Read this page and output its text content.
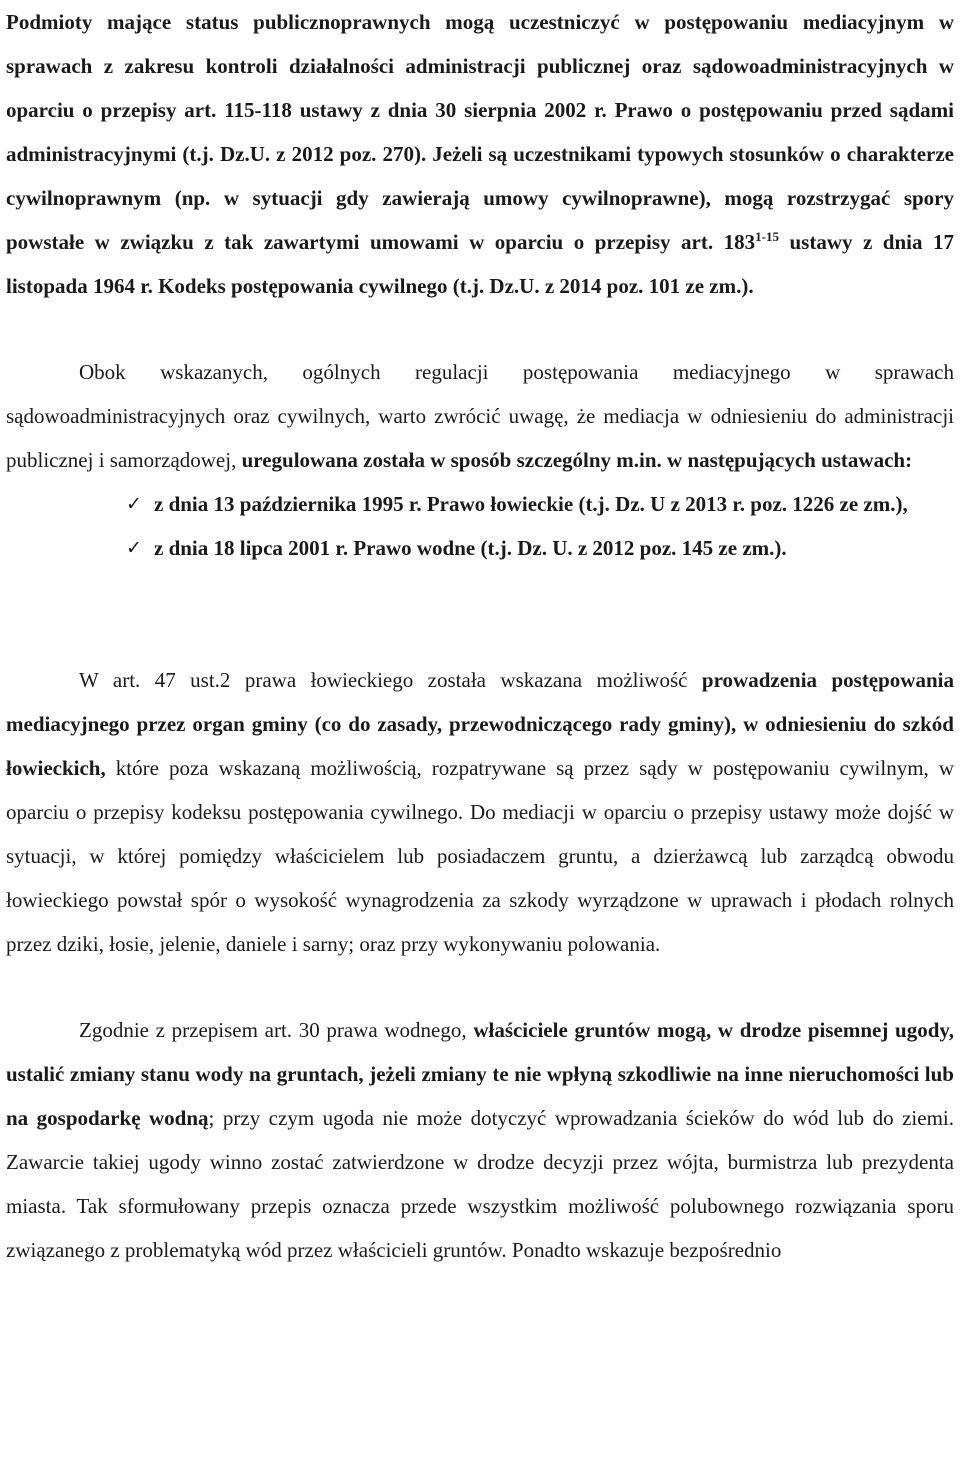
Podmioty mające status publicznoprawnych mogą uczestniczyć w postępowaniu mediacyjnym w sprawach z zakresu kontroli działalności administracji publicznej oraz sądowoadministracyjnych w oparciu o przepisy art. 115-118 ustawy z dnia 30 sierpnia 2002 r. Prawo o postępowaniu przed sądami administracyjnymi (t.j. Dz.U. z 2012 poz. 270). Jeżeli są uczestnikami typowych stosunków o charakterze cywilnoprawnym (np. w sytuacji gdy zawierają umowy cywilnoprawne), mogą rozstrzygać spory powstałe w związku z tak zawartymi umowami w oparciu o przepisy art. 183$^{1-15}$ ustawy z dnia 17 listopada 1964 r. Kodeks postępowania cywilnego (t.j. Dz.U. z 2014 poz. 101 ze zm.).

Obok wskazanych, ogólnych regulacji postępowania mediacyjnego w sprawach sądowoadministracyjnych oraz cywilnych, warto zwrócić uwagę, że mediacja w odniesieniu do administracji publicznej i samorządowej, uregulowana została w sposób szczególny m.in. w następujących ustawach:

✓ z dnia 13 października 1995 r. Prawo łowieckie (t.j. Dz. U z 2013 r. poz. 1226 ze zm.),
✓ z dnia 18 lipca 2001 r. Prawo wodne (t.j. Dz. U. z 2012 poz. 145 ze zm.).

W art. 47 ust.2 prawa łowieckiego została wskazana możliwość prowadzenia postępowania mediacyjnego przez organ gminy (co do zasady, przewodniczącego rady gminy), w odniesieniu do szkód łowieckich, które poza wskazaną możliwością, rozpatrywane są przez sądy w postępowaniu cywilnym, w oparciu o przepisy kodeksu postępowania cywilnego. Do mediacji w oparciu o przepisy ustawy może dojść w sytuacji, w której pomiędzy właścicielem lub posiadaczem gruntu, a dzierżawcą lub zarządcą obwodu łowieckiego powstał spór o wysokość wynagrodzenia za szkody wyrządzone w uprawach i płodach rolnych przez dziki, łosie, jelenie, daniele i sarny; oraz przy wykonywaniu polowania.

Zgodnie z przepisem art. 30 prawa wodnego, właściciele gruntów mogą, w drodze pisemnej ugody, ustalić zmiany stanu wody na gruntach, jeżeli zmiany te nie wpłyną szkodliwie na inne nieruchomości lub na gospodarkę wodną; przy czym ugoda nie może dotyczyć wprowadzania ścieków do wód lub do ziemi. Zawarcie takiej ugody winno zostać zatwierdzone w drodze decyzji przez wójta, burmistrza lub prezydenta miasta. Tak sformułowany przepis oznacza przede wszystkim możliwość polubownego rozwiązania sporu związanego z problematyką wód przez właścicieli gruntów. Ponadto wskazuje bezpośrednio
